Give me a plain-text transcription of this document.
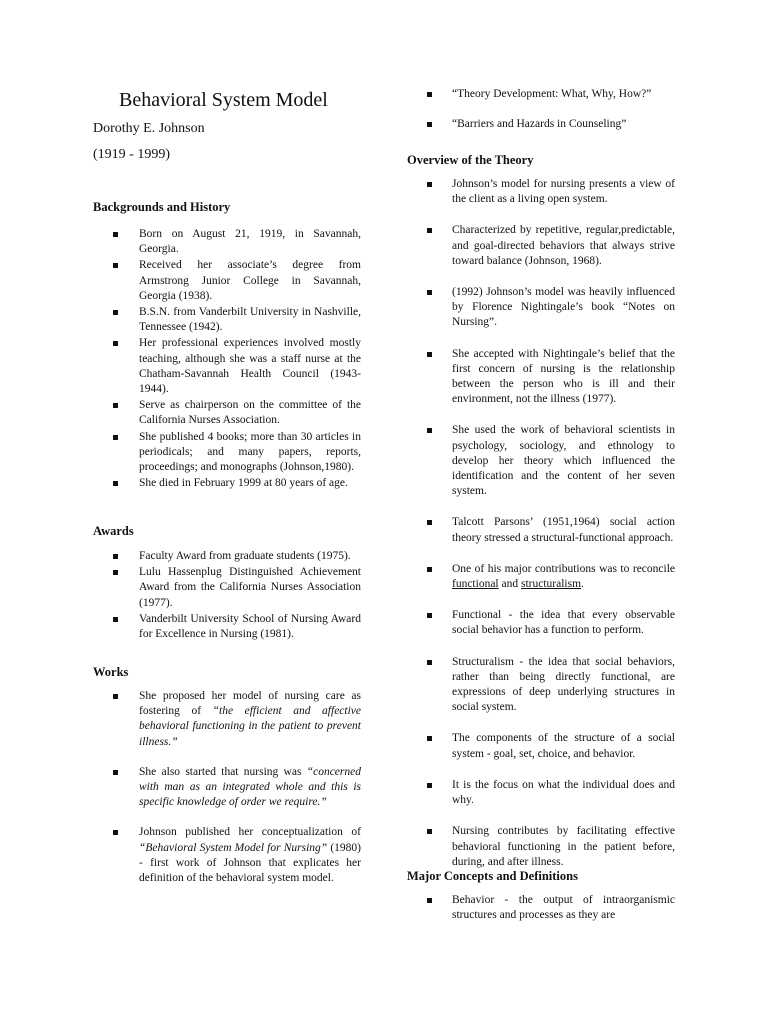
Behavioral System Model
Dorothy E. Johnson
(1919 - 1999)
Backgrounds and History
Born on August 21, 1919, in Savannah, Georgia.
Received her associate’s degree from Armstrong Junior College in Savannah, Georgia (1938).
B.S.N. from Vanderbilt University in Nashville, Tennessee (1942).
Her professional experiences involved mostly teaching, although she was a staff nurse at the Chatham-Savannah Health Council (1943-1944).
Serve as chairperson on the committee of the California Nurses Association.
She published 4 books; more than 30 articles in periodicals; and many papers, reports, proceedings; and monographs (Johnson,1980).
She died in February 1999 at 80 years of age.
Awards
Faculty Award from graduate students (1975).
Lulu Hassenplug Distinguished Achievement Award from the California Nurses Association (1977).
Vanderbilt University School of Nursing Award for Excellence in Nursing (1981).
Works
She proposed her model of nursing care as fostering of “the efficient and affective behavioral functioning in the patient to prevent illness.”
She also started that nursing was “concerned with man as an integrated whole and this is specific knowledge of order we require.”
Johnson published her conceptualization of “Behavioral System Model for Nursing” (1980) - first work of Johnson that explicates her definition of the behavioral system model.
“Theory Development: What, Why, How?”
“Barriers and Hazards in Counseling”
Overview of the Theory
Johnson’s model for nursing presents a view of the client as a living open system.
Characterized by repetitive, regular,predictable, and goal-directed behaviors that always strive toward balance (Johnson, 1968).
(1992) Johnson’s model was heavily influenced by Florence Nightingale’s book “Notes on Nursing”.
She accepted with Nightingale’s belief that the first concern of nursing is the relationship between the person who is ill and their environment, not the illness (1977).
She used the work of behavioral scientists in psychology, sociology, and ethnology to develop her theory which influenced the identification and the content of her seven system.
Talcott Parsons’ (1951,1964) social action theory stressed a structural-functional approach.
One of his major contributions was to reconcile functional and structuralism.
Functional - the idea that every observable social behavior has a function to perform.
Structuralism - the idea that social behaviors, rather than being directly functional, are expressions of deep underlying structures in social system.
The components of the structure of a social system - goal, set, choice, and behavior.
It is the focus on what the individual does and why.
Nursing contributes by facilitating effective behavioral functioning in the patient before, during, and after illness.
Major Concepts and Definitions
Behavior - the output of intraorganismic structures and processes as they are
